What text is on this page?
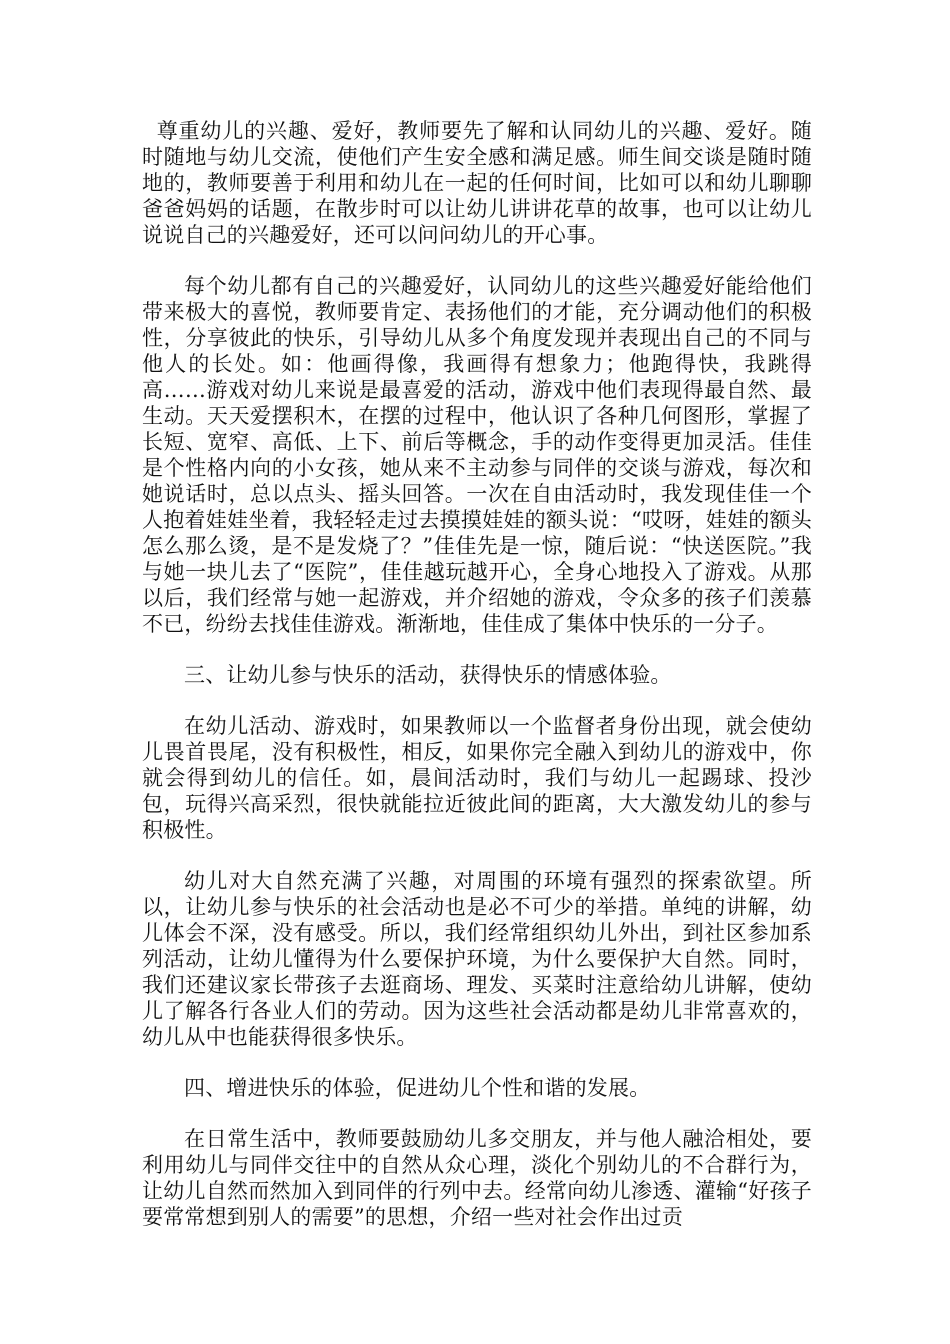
尊重幼儿的兴趣、爱好，教师要先了解和认同幼儿的兴趣、爱好。随时随地与幼儿交流，使他们产生安全感和满足感。师生间交谈是随时随地的，教师要善于利用和幼儿在一起的任何时间，比如可以和幼儿聊聊爸爸妈妈的话题，在散步时可以让幼儿讲讲花草的故事，也可以让幼儿说说自己的兴趣爱好，还可以问问幼儿的开心事。

每个幼儿都有自己的兴趣爱好，认同幼儿的这些兴趣爱好能给他们带来极大的喜悦，教师要肯定、表扬他们的才能，充分调动他们的积极性，分享彼此的快乐，引导幼儿从多个角度发现并表现出自己的不同与他人的长处。如：他画得像，我画得有想象力；他跑得快，我跳得高……游戏对幼儿来说是最喜爱的活动，游戏中他们表现得最自然、最生动。天天爱摆积木，在摆的过程中，他认识了各种几何图形，掌握了长短、宽窄、高低、上下、前后等概念，手的动作变得更加灵活。佳佳是个性格内向的小女孩，她从来不主动参与同伴的交谈与游戏，每次和她说话时，总以点头、摇头回答。一次在自由活动时，我发现佳佳一个人抱着娃娃坐着，我轻轻走过去摸摸娃娃的额头说：“哎呀，娃娃的额头怎么那么烫，是不是发烧了？”佳佳先是一惊，随后说：“快送医院。”我与她一块儿去了“医院”，佳佳越玩越开心，全身心地投入了游戏。从那以后，我们经常与她一起游戏，并介绍她的游戏，令众多的孩子们羡慕不已，纷纷去找佳佳游戏。渐渐地，佳佳成了集体中快乐的一分子。

三、让幼儿参与快乐的活动，获得快乐的情感体验。

在幼儿活动、游戏时，如果教师以一个监督者身份出现，就会使幼儿畏首畏尾，没有积极性，相反，如果你完全融入到幼儿的游戏中，你就会得到幼儿的信任。如，晨间活动时，我们与幼儿一起踢球、投沙包，玩得兴高采烈，很快就能拉近彼此间的距离，大大激发幼儿的参与积极性。

幼儿对大自然充满了兴趣，对周围的环境有强烈的探索欲望。所以，让幼儿参与快乐的社会活动也是必不可少的举措。单纯的讲解，幼儿体会不深，没有感受。所以，我们经常组织幼儿外出，到社区参加系列活动，让幼儿懂得为什么要保护环境，为什么要保护大自然。同时，我们还建议家长带孩子去逛商场、理发、买菜时注意给幼儿讲解，使幼儿了解各行各业人们的劳动。因为这些社会活动都是幼儿非常喜欢的，幼儿从中也能获得很多快乐。

四、增进快乐的体验，促进幼儿个性和谐的发展。

在日常生活中，教师要鼓励幼儿多交朋友，并与他人融洽相处，要利用幼儿与同伴交往中的自然从众心理，淡化个别幼儿的不合群行为，让幼儿自然而然加入到同伴的行列中去。经常向幼儿渗透、灌输“好孩子要常常想到别人的需要”的思想，介绍一些对社会作出过贡
